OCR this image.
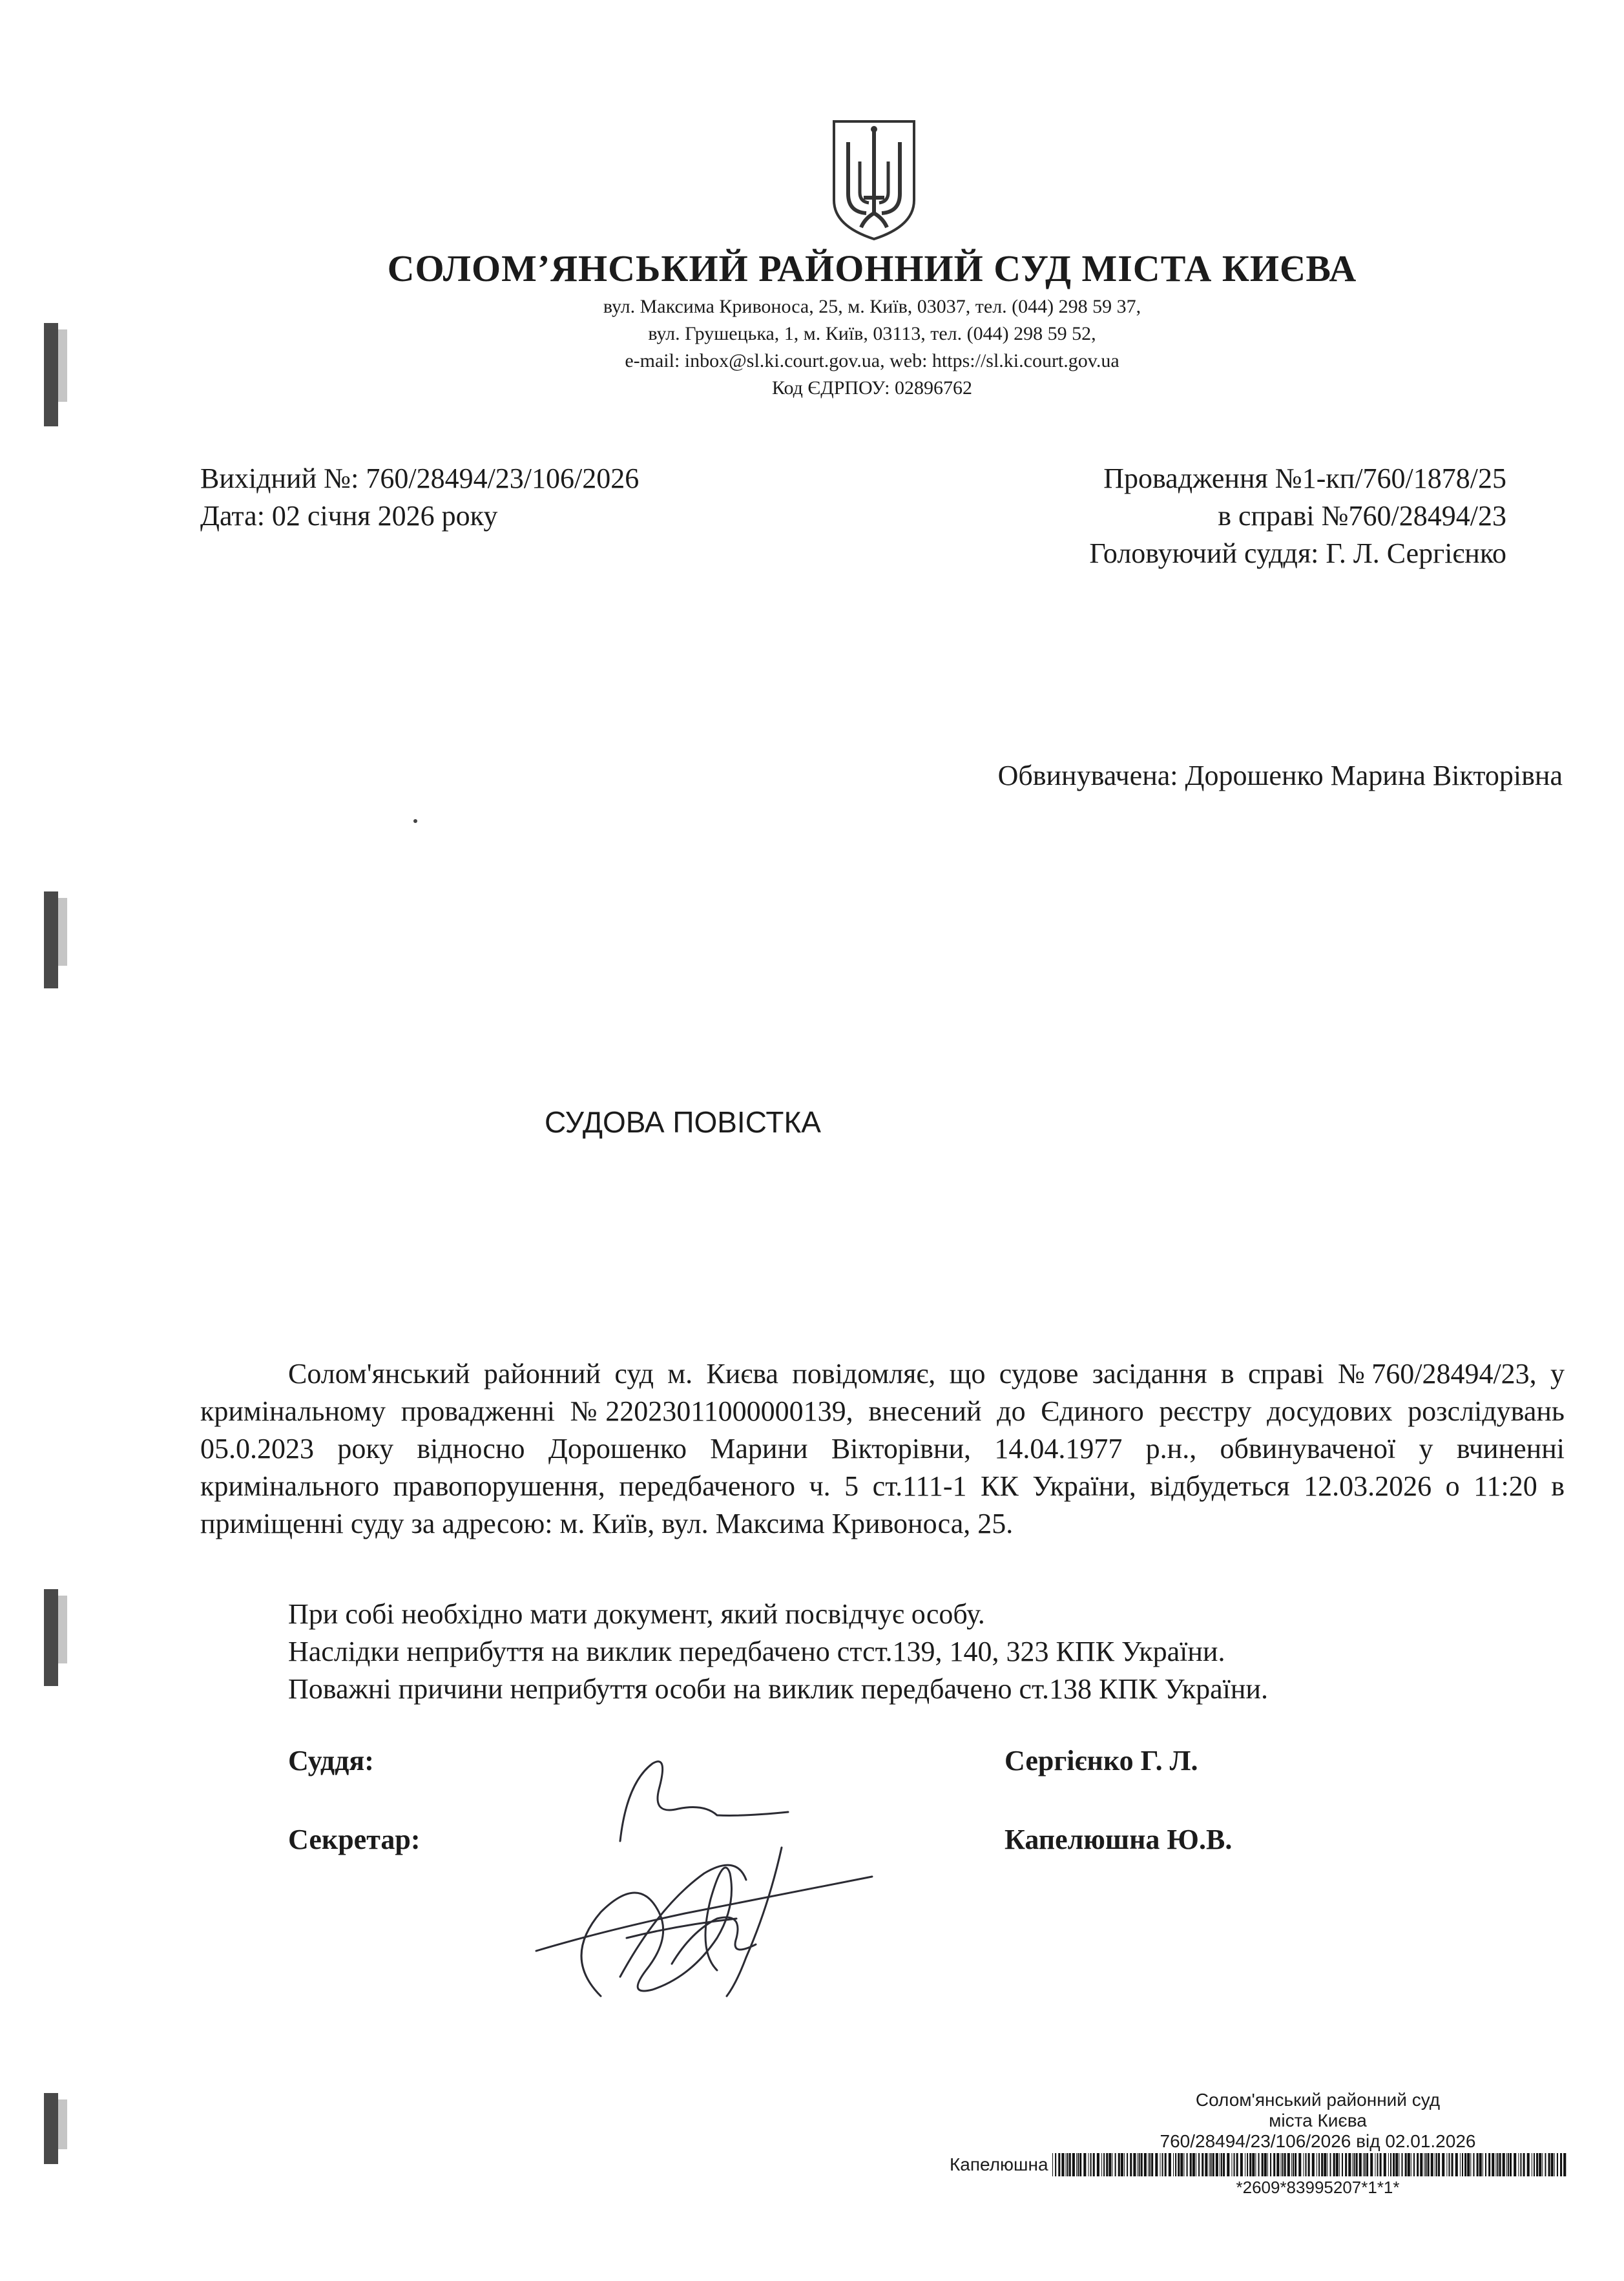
СОЛОМ’ЯНСЬКИЙ РАЙОННИЙ СУД МІСТА КИЄВА
вул. Максима Кривоноса, 25, м. Київ, 03037, тел. (044) 298 59 37,
вул. Грушецька, 1, м. Київ, 03113, тел. (044) 298 59 52,
e-mail: inbox@sl.ki.court.gov.ua, web: https://sl.ki.court.gov.ua
Код ЄДРПОУ: 02896762
Вихідний №: 760/28494/23/106/2026
Дата: 02 січня 2026 року
Провадження №1-кп/760/1878/25
в справі №760/28494/23
Головуючий суддя: Г. Л. Сергієнко
Обвинувачена: Дорошенко Марина Вікторівна
СУДОВА ПОВІСТКА

Солом'янський районний суд м. Києва повідомляє, що судове засідання в справі №760/28494/23, у кримінальному провадженні №22023011000000139, внесений до Єдиного реєстру досудових розслідувань 05.0.2023 року відносно Дорошенко Марини Вікторівни, 14.04.1977 р.н., обвинуваченої у вчиненні кримінального правопорушення, передбаченого ч. 5 ст.111-1 КК України, відбудеться 12.03.2026 о 11:20 в приміщенні суду за адресою: м. Київ, вул. Максима Кривоноса, 25.

При собі необхідно мати документ, який посвідчує особу.

Наслідки неприбуття на виклик передбачено стст.139, 140, 323 КПК України.

Поважні причини неприбуття особи на виклик передбачено ст.138 КПК України.

Суддя:	Сергієнко Г. Л.
Секретар:	Капелюшна Ю.В.
Солом'янський районний суд
міста Києва
760/28494/23/106/2026 від 02.01.2026
Капелюшна
*2609*83995207*1*1*
